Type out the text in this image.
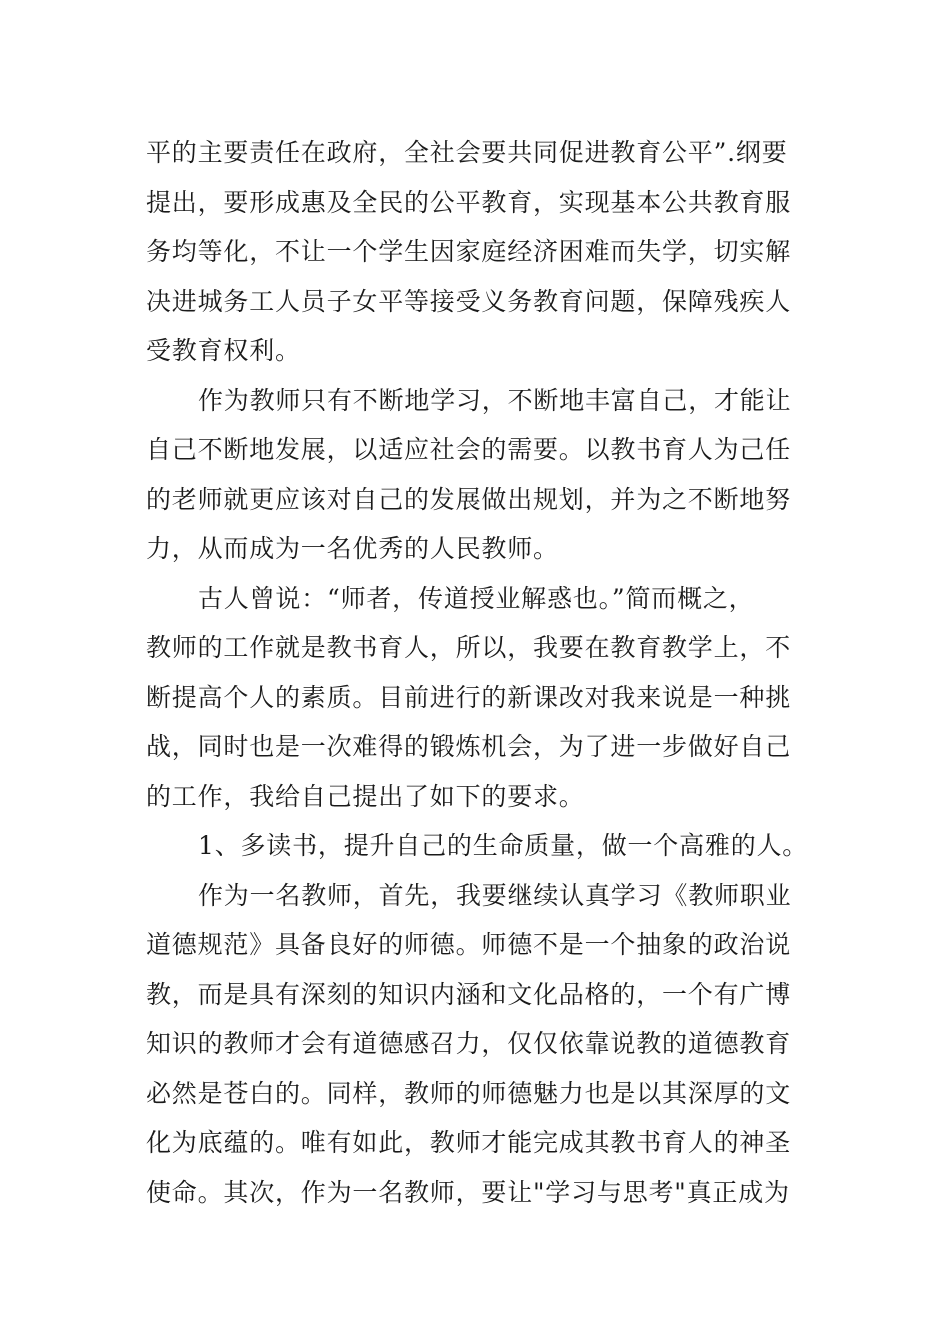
平的主要责任在政府，全社会要共同促进教育公平”.纲要
提出，要形成惠及全民的公平教育，实现基本公共教育服
务均等化，不让一个学生因家庭经济困难而失学，切实解
决进城务工人员子女平等接受义务教育问题，保障残疾人
受教育权利。
作为教师只有不断地学习，不断地丰富自己，才能让
自己不断地发展，以适应社会的需要。以教书育人为己任
的老师就更应该对自己的发展做出规划，并为之不断地努
力，从而成为一名优秀的人民教师。
古人曾说：“师者，传道授业解惑也。”简而概之，
教师的工作就是教书育人，所以，我要在教育教学上，不
断提高个人的素质。目前进行的新课改对我来说是一种挑
战，同时也是一次难得的锻炼机会，为了进一步做好自己
的工作，我给自己提出了如下的要求。
1、多读书，提升自己的生命质量，做一个高雅的人。
作为一名教师，首先，我要继续认真学习《教师职业
道德规范》具备良好的师德。师德不是一个抽象的政治说
教，而是具有深刻的知识内涵和文化品格的，一个有广博
知识的教师才会有道德感召力，仅仅依靠说教的道德教育
必然是苍白的。同样，教师的师德魅力也是以其深厚的文
化为底蕴的。唯有如此，教师才能完成其教书育人的神圣
使命。其次，作为一名教师，要让"学习与思考"真正成为
